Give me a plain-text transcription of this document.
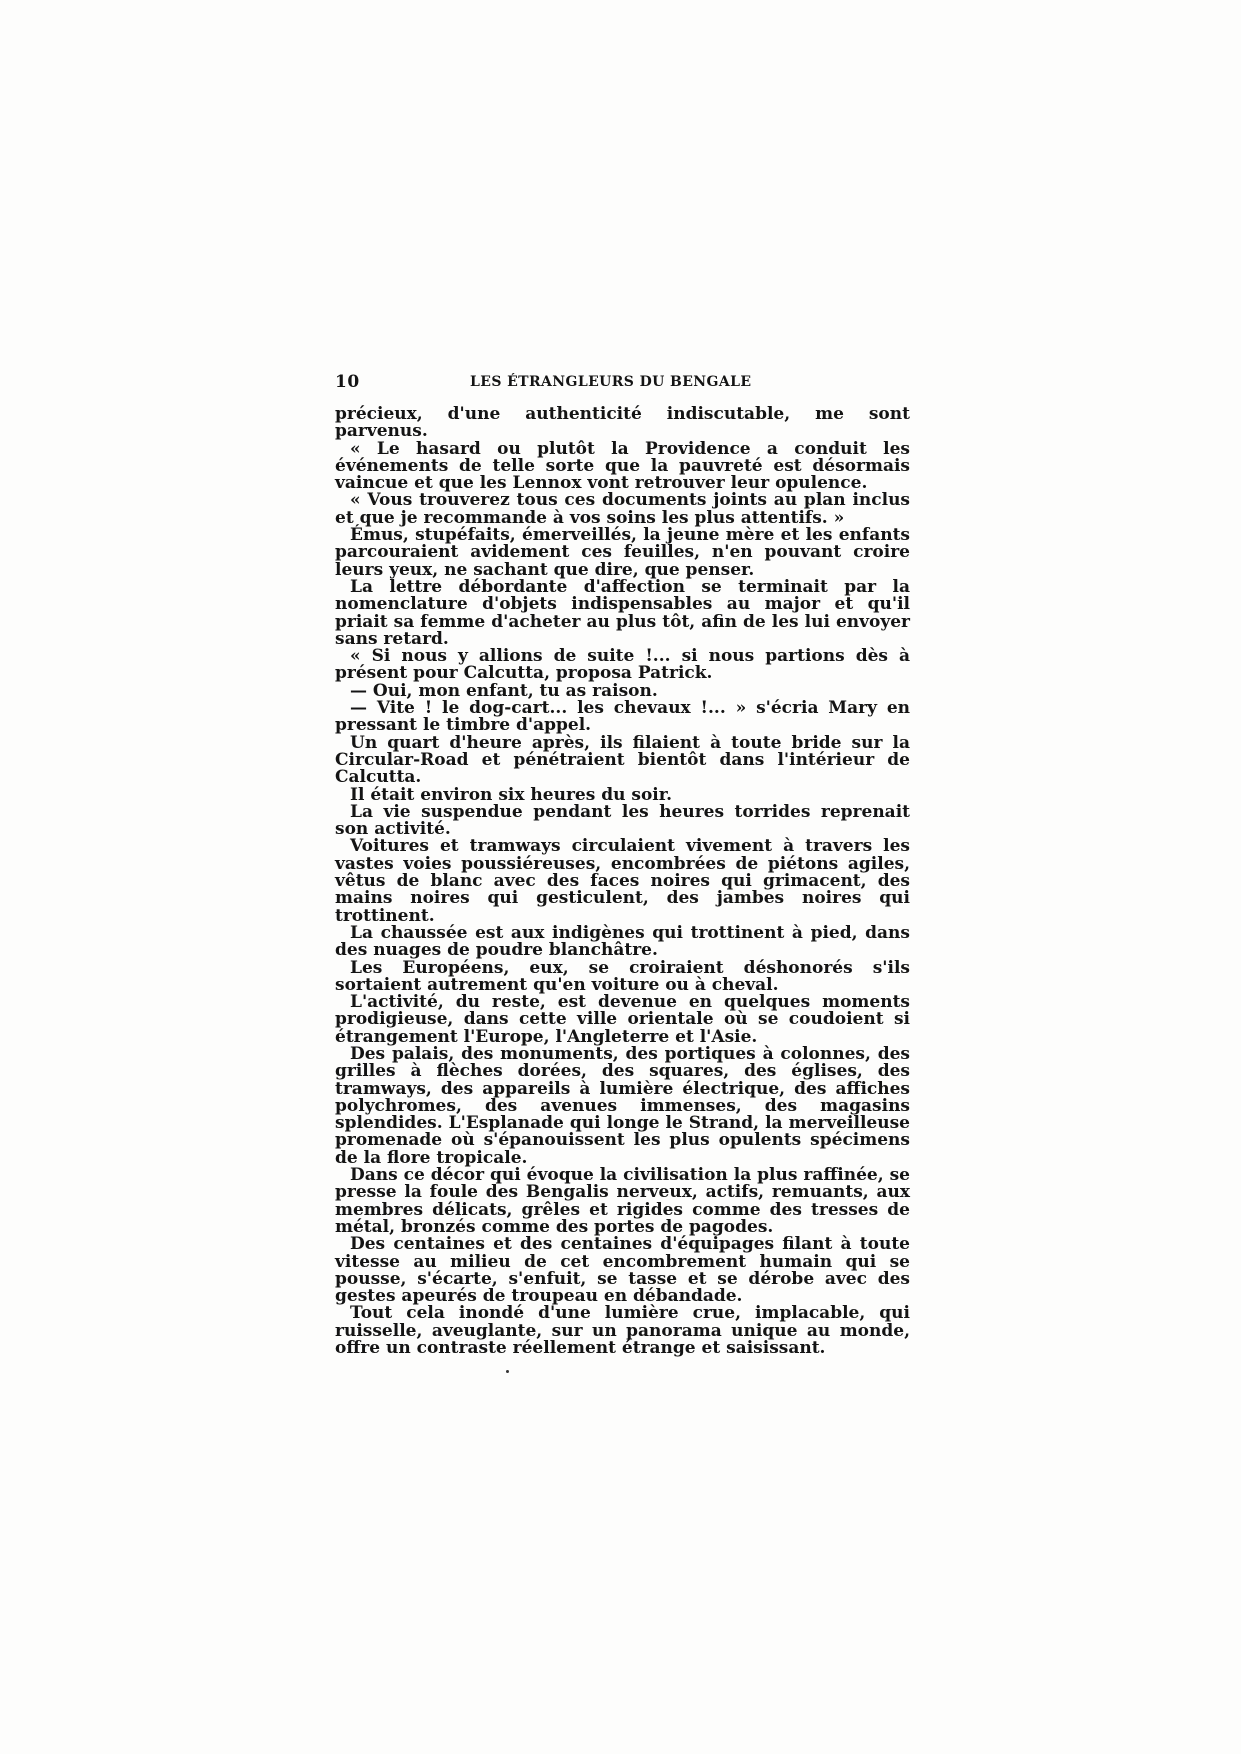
10	LES ÉTRANGLEURS DU BENGALE

précieux, d'une authenticité indiscutable, me sont parvenus.

« Le hasard ou plutôt la Providence a conduit les événements de telle sorte que la pauvreté est désormais vaincue et que les Lennox vont retrouver leur opulence.

« Vous trouverez tous ces documents joints au plan inclus et que je recommande à vos soins les plus attentifs. »

Émus, stupéfaits, émerveillés, la jeune mère et les enfants parcouraient avidement ces feuilles, n'en pouvant croire leurs yeux, ne sachant que dire, que penser.

La lettre débordante d'affection se terminait par la nomenclature d'objets indispensables au major et qu'il priait sa femme d'acheter au plus tôt, afin de les lui envoyer sans retard.

« Si nous y allions de suite !... si nous partions dès à présent pour Calcutta, proposa Patrick.

— Oui, mon enfant, tu as raison.

— Vite ! le dog-cart... les chevaux !... » s'écria Mary en pressant le timbre d'appel.

Un quart d'heure après, ils filaient à toute bride sur la Circular-Road et pénétraient bientôt dans l'intérieur de Calcutta.

Il était environ six heures du soir.

La vie suspendue pendant les heures torrides reprenait son activité.

Voitures et tramways circulaient vivement à travers les vastes voies poussiéreuses, encombrées de piétons agiles, vêtus de blanc avec des faces noires qui grimacent, des mains noires qui gesticulent, des jambes noires qui trottinent.

La chaussée est aux indigènes qui trottinent à pied, dans des nuages de poudre blanchâtre.

Les Européens, eux, se croiraient déshonorés s'ils sortaient autrement qu'en voiture ou à cheval.

L'activité, du reste, est devenue en quelques moments prodigieuse, dans cette ville orientale où se coudoient si étrangement l'Europe, l'Angleterre et l'Asie.

Des palais, des monuments, des portiques à colonnes, des grilles à flèches dorées, des squares, des églises, des tramways, des appareils à lumière électrique, des affiches polychromes, des avenues immenses, des magasins splendides. L'Esplanade qui longe le Strand, la merveilleuse promenade où s'épanouissent les plus opulents spécimens de la flore tropicale.

Dans ce décor qui évoque la civilisation la plus raffinée, se presse la foule des Bengalis nerveux, actifs, remuants, aux membres délicats, grêles et rigides comme des tresses de métal, bronzés comme des portes de pagodes.

Des centaines et des centaines d'équipages filant à toute vitesse au milieu de cet encombrement humain qui se pousse, s'écarte, s'enfuit, se tasse et se dérobe avec des gestes apeurés de troupeau en débandade.

Tout cela inondé d'une lumière crue, implacable, qui ruisselle, aveuglante, sur un panorama unique au monde, offre un contraste réellement étrange et saisissant.
